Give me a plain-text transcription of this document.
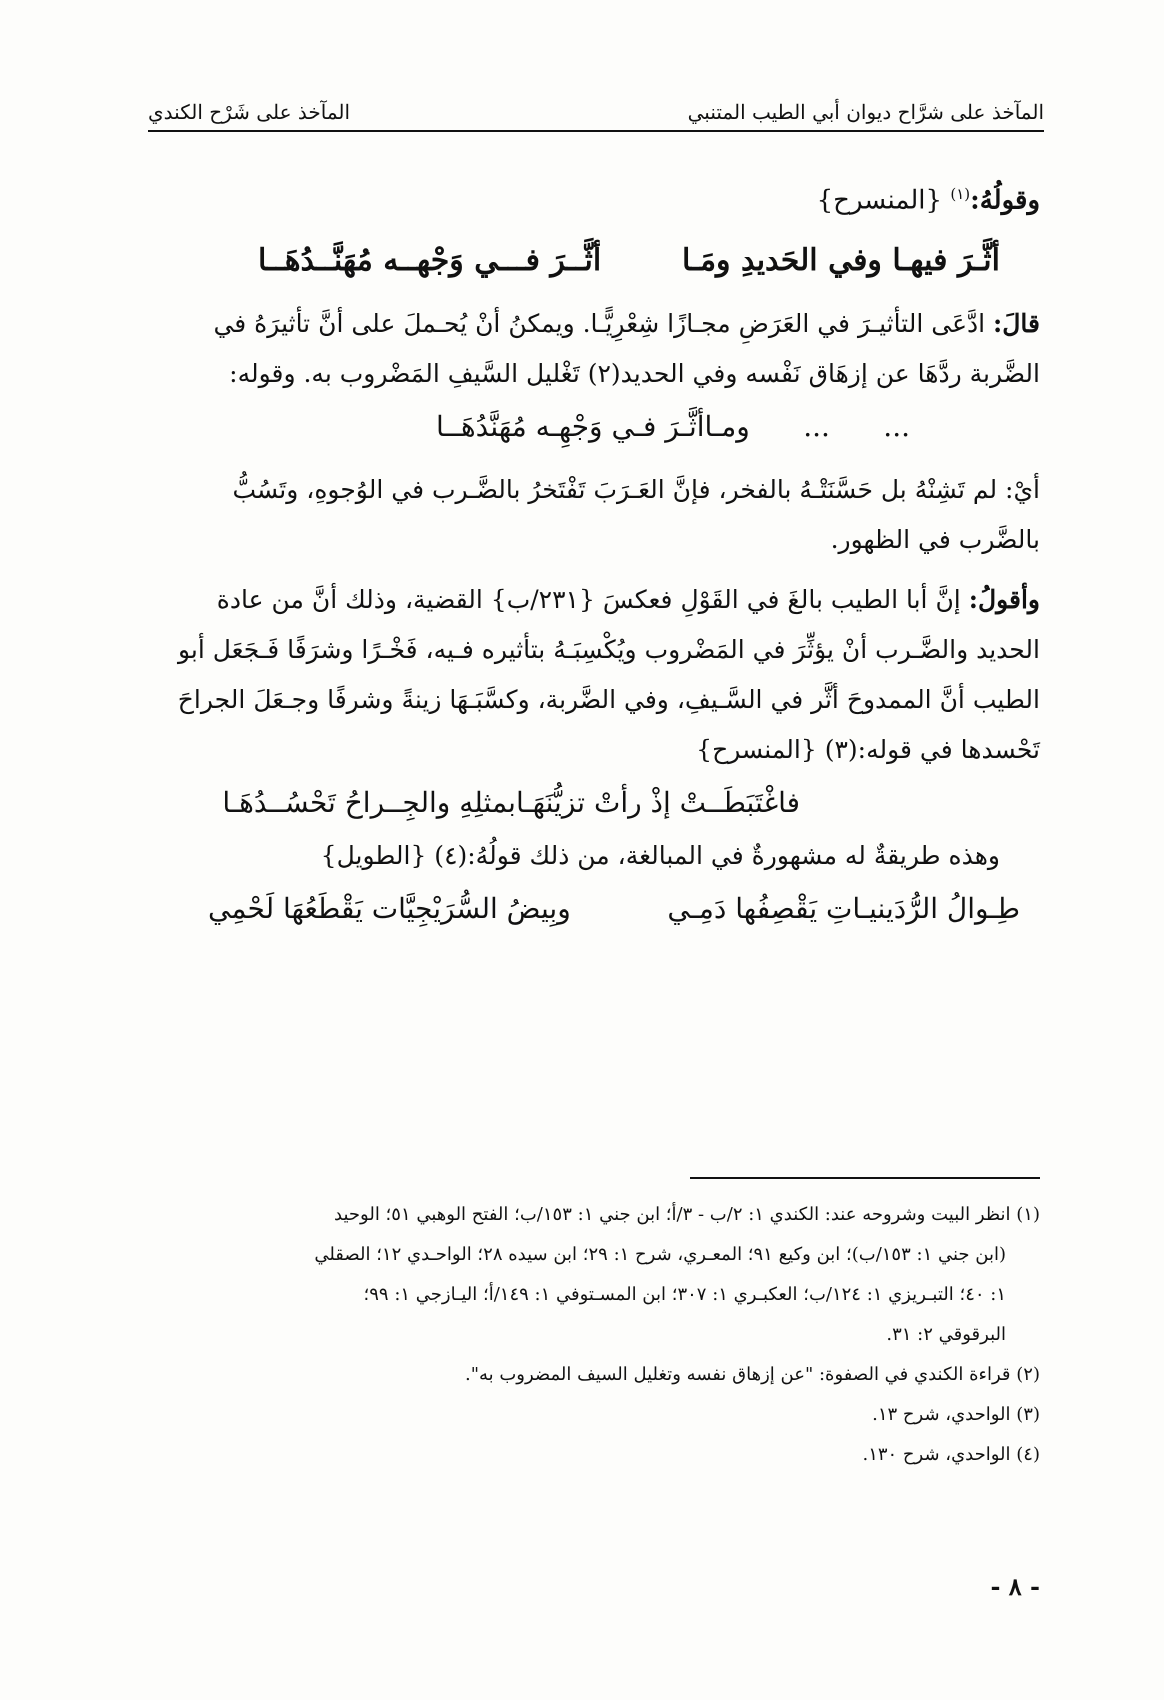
المآخذ على شرَّاح ديوان أبي الطيب المتنبي
المآخذ على شَرْح الكندي
وقولُهُ:$^{(١)}$ {المنسرح}
أثَّـرَ فيهـا وفي الحَديدِ ومَـا
أثَّــرَ فـــي وَجْهــه مُهَنَّــدُهَــا
قالَ: ادَّعَى التأثيـرَ في العَرَضِ مجـازًا شِعْرِيًّـا. ويمكنُ أنْ يُحـملَ على أنَّ تأثيرَهُ في
الضَّربة ردَّهَا عن إزهَاق نَفْسه وفي الحديد(٢) تَغْليل السَّيفِ المَضْروب به. وقوله:
...      ...      ومـا
أثَّـرَ فـي وَجْهِـه مُهَنَّدُهَــا
أيْ: لم تَشِنْهُ بل حَسَّنَتْـهُ بالفخر، فإنَّ العَـرَبَ تَفْتَخرُ بالضَّـرب في الوُجوهِ، وتَسُبُّ
بالضَّرب في الظهور.
وأقولُ: إنَّ أبا الطيب بالغَ في القَوْلِ فعكسَ {٢٣١/ب} القضية، وذلك أنَّ من عادة
الحديد والضَّـرب أنْ يؤثِّرَ في المَضْروب ويُكْسِبَـهُ بتأثيره فـيه، فَخْـرًا وشرَفًا فَـجَعَل أبو
الطيب أنَّ الممدوحَ أثَّر في السَّـيفِ، وفي الضَّربة، وكسَّبَـهَا زينةً وشرفًا وجـعَلَ الجراحَ
تَحْسدها في قوله:(٣) {المنسرح}
فاغْتَبَطَــتْ إذْ رأتْ تزيُّنَهَـا
بمثلِهِ والجِــراحُ تَحْسُــدُهَـا
وهذه طريقةٌ له مشهورةٌ في المبالغة، من ذلك قولُهُ:(٤) {الطويل}
طِـوالُ الرُّدَينيـاتِ يَقْصِفُها دَمِـي
وبِيضُ السُّرَيْجِيَّات يَقْطَعُهَا لَحْمِي
(١) انظر البيت وشروحه عند: الكندي ١: ٢/ب - ٣/أ؛ ابن جني ١: ١٥٣/ب؛ الفتح الوهبي ٥١؛ الوحيد
(ابن جني ١: ١٥٣/ب)؛ ابن وكيع ٩١؛ المعـري، شرح ١: ٢٩؛ ابن سيده ٢٨؛ الواحـدي ١٢؛ الصقلي
١: ٤٠؛ التبـريزي ١: ١٢٤/ب؛ العكبـري ١: ٣٠٧؛ ابن المسـتوفي ١: ١٤٩/أ؛ اليـازجي ١: ٩٩؛
البرقوقي ٢: ٣١.
(٢) قراءة الكندي في الصفوة: "عن إزهاق نفسه وتغليل السيف المضروب به".
(٣) الواحدي، شرح ١٣.
(٤) الواحدي، شرح ١٣٠.
- ٨ -
